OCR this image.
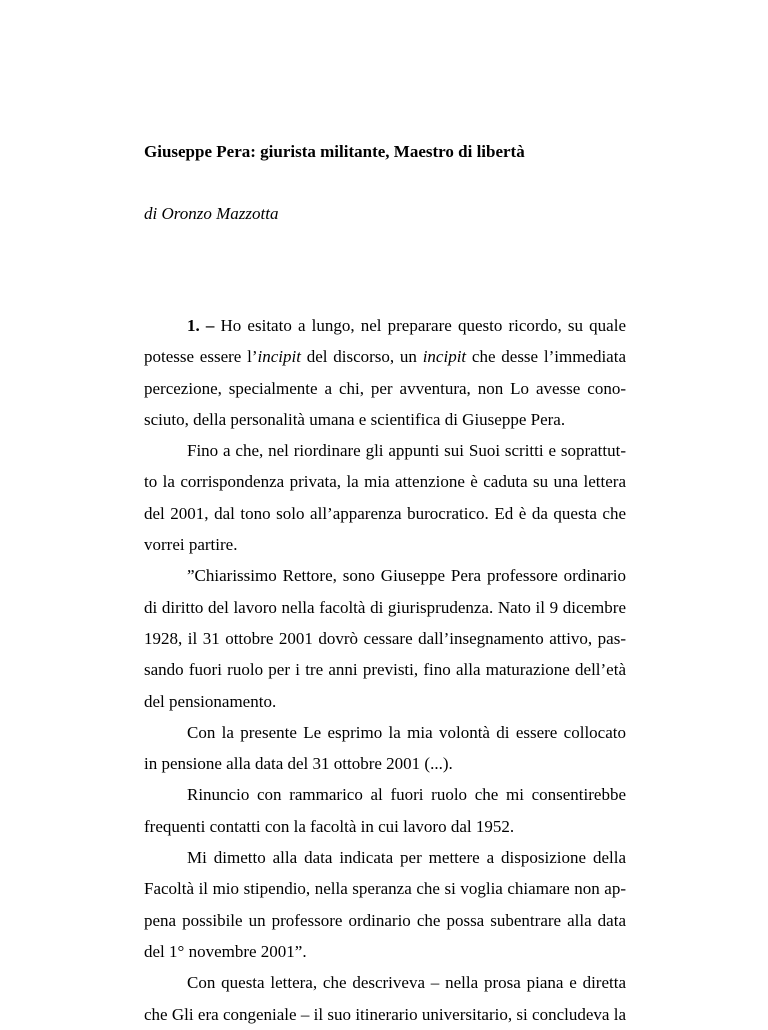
Giuseppe Pera: giurista militante, Maestro di libertà
di Oronzo Mazzotta
1. – Ho esitato a lungo, nel preparare questo ricordo, su quale
potesse essere l’incipit del discorso, un incipit che desse l’immediata
percezione, specialmente a chi, per avventura, non Lo avesse cono-
sciuto, della personalità umana e scientifica di Giuseppe Pera.
Fino a che, nel riordinare gli appunti sui Suoi scritti e soprattut-
to la corrispondenza privata, la mia attenzione è caduta su una lettera
del 2001, dal tono solo all’apparenza burocratico. Ed è da questa che
vorrei partire.
”Chiarissimo Rettore, sono Giuseppe Pera professore ordinario
di diritto del lavoro nella facoltà di giurisprudenza. Nato il 9 dicembre
1928, il 31 ottobre 2001 dovrò cessare dall’insegnamento attivo, pas-
sando fuori ruolo per i tre anni previsti, fino alla maturazione dell’età
del pensionamento.
Con la presente Le esprimo la mia volontà di essere collocato
in pensione alla data del 31 ottobre 2001 (...).
Rinuncio con rammarico al fuori ruolo che mi consentirebbe
frequenti contatti con la facoltà in cui lavoro dal 1952.
Mi dimetto alla data indicata per mettere a disposizione della
Facoltà il mio stipendio, nella speranza che si voglia chiamare non ap-
pena possibile un professore ordinario che possa subentrare alla data
del 1° novembre 2001”.
Con questa lettera, che descriveva – nella prosa piana e diretta
che Gli era congeniale – il suo itinerario universitario, si concludeva la
